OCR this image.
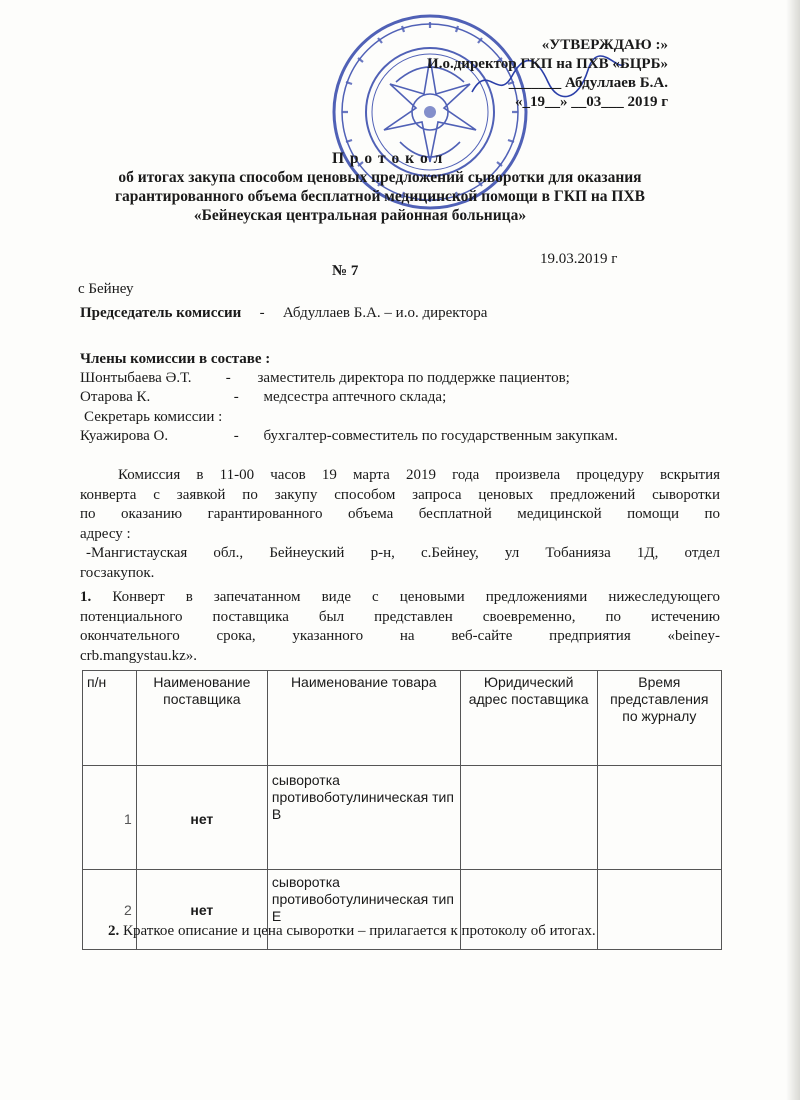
«УТВЕРЖДАЮ :»
И.о.директор ГКП на ПХВ «БЦРБ»
_______ Абдуллаев Б.А.
«_19__» __03___ 2019 г
П р о т о к о л
об итогах закупа способом ценовых предложений сыворотки для оказания
гарантированного объема бесплатной медицинской помощи в ГКП на ПХВ
«Бейнеуская центральная районная больница»
19.03.2019 г
№ 7
с Бейнеу
Председатель комиссии - Абдуллаев Б.А. – и.о. директора
Члены комиссии в составе :
Шонтыбаева Ә.Т. - заместитель директора по поддержке пациентов;
Отарова К.	- медсестра аптечного склада;
Секретарь комиссии :
Куажирова О.	- бухгалтер-совместитель по государственным закупкам.
Комиссия в 11-00 часов 19 марта 2019 года произвела процедуру вскрытия
конверта с заявкой по закупу способом запроса ценовых предложений сыворотки
по оказанию гарантированного объема бесплатной медицинской помощи по
адресу :
-Мангистауская обл., Бейнеуский р-н, с.Бейнеу, ул Тобанияза 1Д, отдел
госзакупок.
1. Конверт в запечатанном виде с ценовыми предложениями нижеследующего
потенциального поставщика был представлен своевременно, по истечению
окончательного срока, указанного на веб-сайте предприятия «beiney-
crb.mangystau.kz».
п/н	Наименование поставщика	Наименование товара	Юридический адрес поставщика	Время представления по журналу
1	нет	сыворотка противоботулиническая тип В		
2	нет	сыворотка противоботулиническая тип Е		
2. Краткое описание и цена сыворотки – прилагается к протоколу об итогах.
